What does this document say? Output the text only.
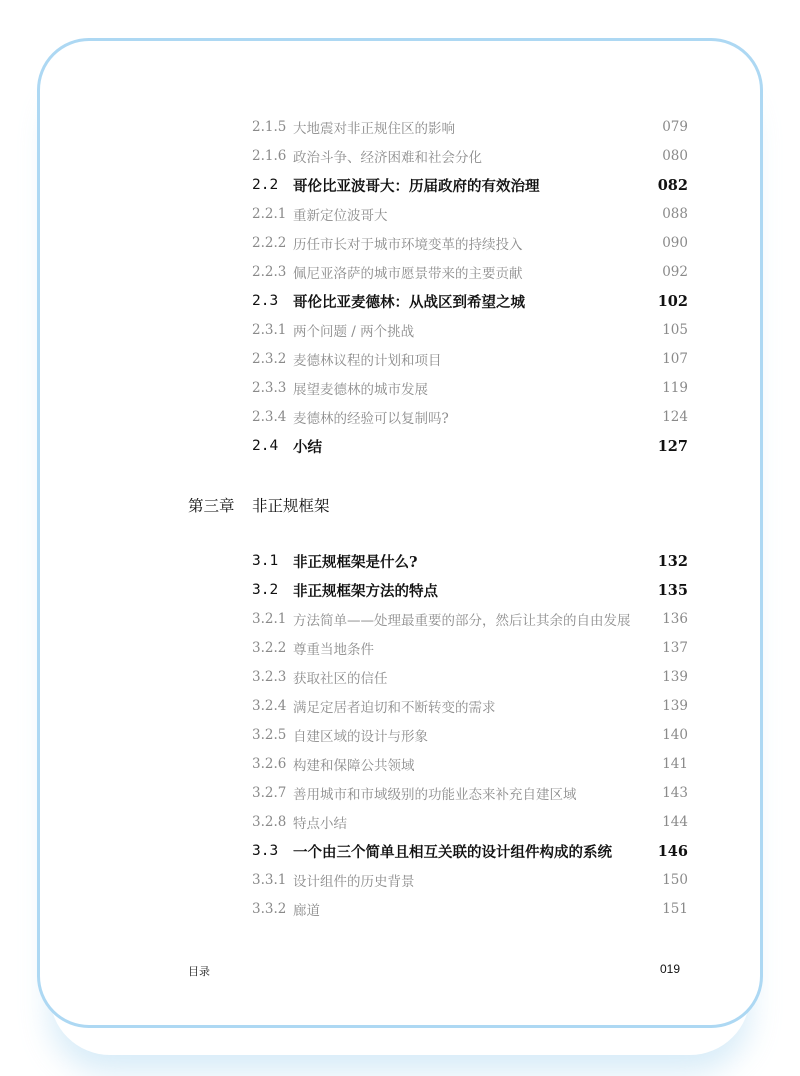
第三章	非正规框架
目录	019
2.1.5 大地震对非正规住区的影响	079
2.1.6 政治斗争、经济困难和社会分化	080
2.2	哥伦比亚波哥大：历届政府的有效治理	082
2.2.1 重新定位波哥大	088
2.2.2 历任市长对于城市环境变革的持续投入	090
2.2.3 佩尼亚洛萨的城市愿景带来的主要贡献	092
2.3	哥伦比亚麦德林：从战区到希望之城	102
2.3.1 两个问题 / 两个挑战	105
2.3.2 麦德林议程的计划和项目	107
2.3.3 展望麦德林的城市发展	119
2.3.4 麦德林的经验可以复制吗?	124
2.4	小结	127
3.1	非正规框架是什么?	132
3.2	非正规框架方法的特点	135
3.2.1 方法简单——处理最重要的部分，然后让其余的自由发展	136
3.2.2 尊重当地条件	137
3.2.3 获取社区的信任	139
3.2.4 满足定居者迫切和不断转变的需求	139
3.2.5 自建区域的设计与形象	140
3.2.6 构建和保障公共领域	141
3.2.7 善用城市和市域级别的功能业态来补充自建区域	143
3.2.8 特点小结	144
3.3	一个由三个简单且相互关联的设计组件构成的系统	146
3.3.1 设计组件的历史背景	150
3.3.2 廊道	151
